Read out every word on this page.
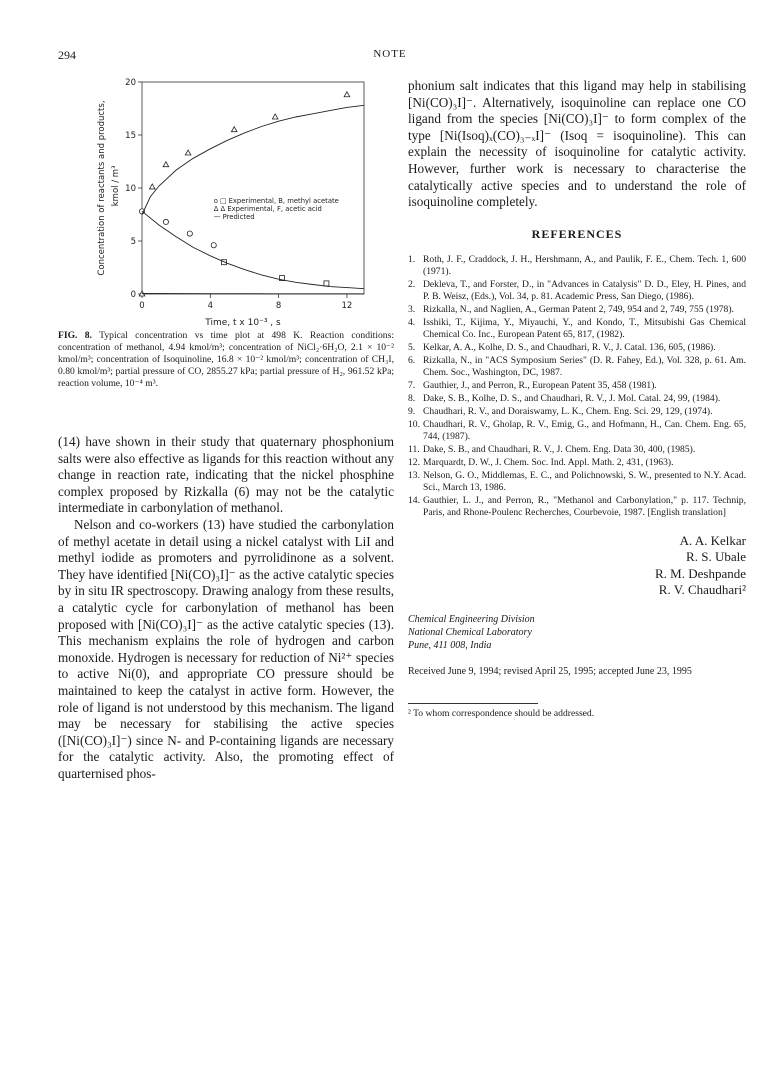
294	NOTE
0
5
10
15
20
0	4	8	12
Time, t x 10⁻³ , s
Concentration of reactants and products, kmol / m³	o □ Experimental, B, methyl acetate
Δ Δ Experimental, F, acetic acid
— Predicted
FIG. 8. Typical concentration vs time plot at 498 K. Reaction conditions: concentration of methanol, 4.94 kmol/m³; concentration of NiCl₂·6H₂O, 2.1 × 10⁻² kmol/m³; concentration of Isoquinoline, 16.8 × 10⁻² kmol/m³; concentration of CH₃I, 0.80 kmol/m³; partial pressure of CO, 2855.27 kPa; partial pressure of H₂, 961.52 kPa; reaction volume, 10⁻⁴ m³.

(14) have shown in their study that quaternary phosphonium salts were also effective as ligands for this reaction without any change in reaction rate, indicating that the nickel phosphine complex proposed by Rizkalla (6) may not be the catalytic intermediate in carbonylation of methanol.

Nelson and co-workers (13) have studied the carbonylation of methyl acetate in detail using a nickel catalyst with LiI and methyl iodide as promoters and pyrrolidinone as a solvent. They have identified [Ni(CO)₃I]⁻ as the active catalytic species by in situ IR spectroscopy. Drawing analogy from these results, a catalytic cycle for carbonylation of methanol has been proposed with [Ni(CO)₃I]⁻ as the active catalytic species (13). This mechanism explains the role of hydrogen and carbon monoxide. Hydrogen is necessary for reduction of Ni²⁺ species to active Ni(0), and appropriate CO pressure should be maintained to keep the catalyst in active form. However, the role of ligand is not understood by this mechanism. The ligand may be necessary for stabilising the active species ([Ni(CO)₃I]⁻) since N- and P-containing ligands are necessary for the catalytic activity. Also, the promoting effect of quarternised phos-

phonium salt indicates that this ligand may help in stabilising [Ni(CO)₃I]⁻. Alternatively, isoquinoline can replace one CO ligand from the species [Ni(CO)₃I]⁻ to form complex of the type [Ni(Isoq)ₓ(CO)₃₋ₓI]⁻ (Isoq = isoquinoline). This can explain the necessity of isoquinoline for catalytic activity. However, further work is necessary to characterise the catalytically active species and to understand the role of isoquinoline completely.

REFERENCES
1. Roth, J. F., Craddock, J. H., Hershmann, A., and Paulik, F. E., Chem. Tech. 1, 600 (1971).
2. Dekleva, T., and Forster, D., in "Advances in Catalysis" D. D., Eley, H. Pines, and P. B. Weisz, (Eds.), Vol. 34, p. 81. Academic Press, San Diego, (1986).
3. Rizkalla, N., and Naglien, A., German Patent 2, 749, 954 and 2, 749, 755 (1978).
4. Isshiki, T., Kijima, Y., Miyauchi, Y., and Kondo, T., Mitsubishi Gas Chemical Chemical Co. Inc., European Patent 65, 817, (1982).
5. Kelkar, A. A., Kolhe, D. S., and Chaudhari, R. V., J. Catal. 136, 605, (1986).
6. Rizkalla, N., in "ACS Symposium Series" (D. R. Fahey, Ed.), Vol. 328, p. 61. Am. Chem. Soc., Washington, DC, 1987.
7. Gauthier, J., and Perron, R., European Patent 35, 458 (1981).
8. Dake, S. B., Kolhe, D. S., and Chaudhari, R. V., J. Mol. Catal. 24, 99, (1984).
9. Chaudhari, R. V., and Doraiswamy, L. K., Chem. Eng. Sci. 29, 129, (1974).
10. Chaudhari, R. V., Gholap, R. V., Emig, G., and Hofmann, H., Can. Chem. Eng. 65, 744, (1987).
11. Dake, S. B., and Chaudhari, R. V., J. Chem. Eng. Data 30, 400, (1985).
12. Marquardt, D. W., J. Chem. Soc. Ind. Appl. Math. 2, 431, (1963).
13. Nelson, G. O., Middlemas, E. C., and Polichnowski, S. W., presented to N.Y. Acad. Sci., March 13, 1986.
14. Gauthier, L. J., and Perron, R., "Methanol and Carbonylation," p. 117. Technip, Paris, and Rhone-Poulenc Recherches, Courbevoie, 1987. [English translation]
A. A. Kelkar
R. S. Ubale
R. M. Deshpande
R. V. Chaudhari²
Chemical Engineering Division
National Chemical Laboratory
Pune, 411 008, India
Received June 9, 1994; revised April 25, 1995; accepted June 23, 1995
² To whom correspondence should be addressed.
